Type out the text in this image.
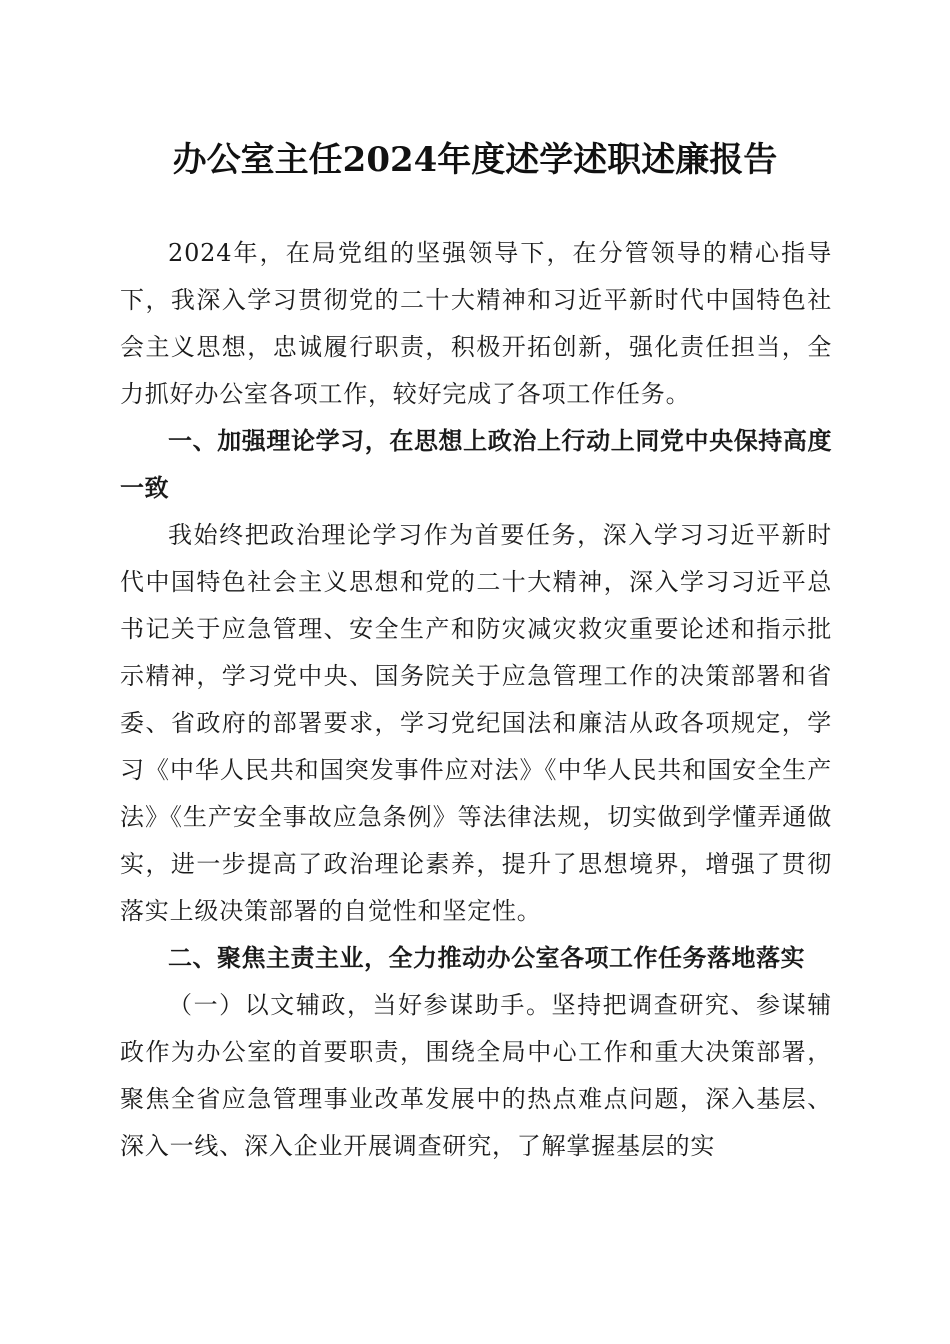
办公室主任2024年度述学述职述廉报告

2024年，在局党组的坚强领导下，在分管领导的精心指导下，我深入学习贯彻党的二十大精神和习近平新时代中国特色社会主义思想，忠诚履行职责，积极开拓创新，强化责任担当，全力抓好办公室各项工作，较好完成了各项工作任务。

一、加强理论学习，在思想上政治上行动上同党中央保持高度一致

我始终把政治理论学习作为首要任务，深入学习习近平新时代中国特色社会主义思想和党的二十大精神，深入学习习近平总书记关于应急管理、安全生产和防灾减灾救灾重要论述和指示批示精神，学习党中央、国务院关于应急管理工作的决策部署和省委、省政府的部署要求，学习党纪国法和廉洁从政各项规定，学习《中华人民共和国突发事件应对法》《中华人民共和国安全生产法》《生产安全事故应急条例》等法律法规，切实做到学懂弄通做实，进一步提高了政治理论素养，提升了思想境界，增强了贯彻落实上级决策部署的自觉性和坚定性。

二、聚焦主责主业，全力推动办公室各项工作任务落地落实

（一）以文辅政，当好参谋助手。坚持把调查研究、参谋辅政作为办公室的首要职责，围绕全局中心工作和重大决策部署，聚焦全省应急管理事业改革发展中的热点难点问题，深入基层、深入一线、深入企业开展调查研究，了解掌握基层的实
